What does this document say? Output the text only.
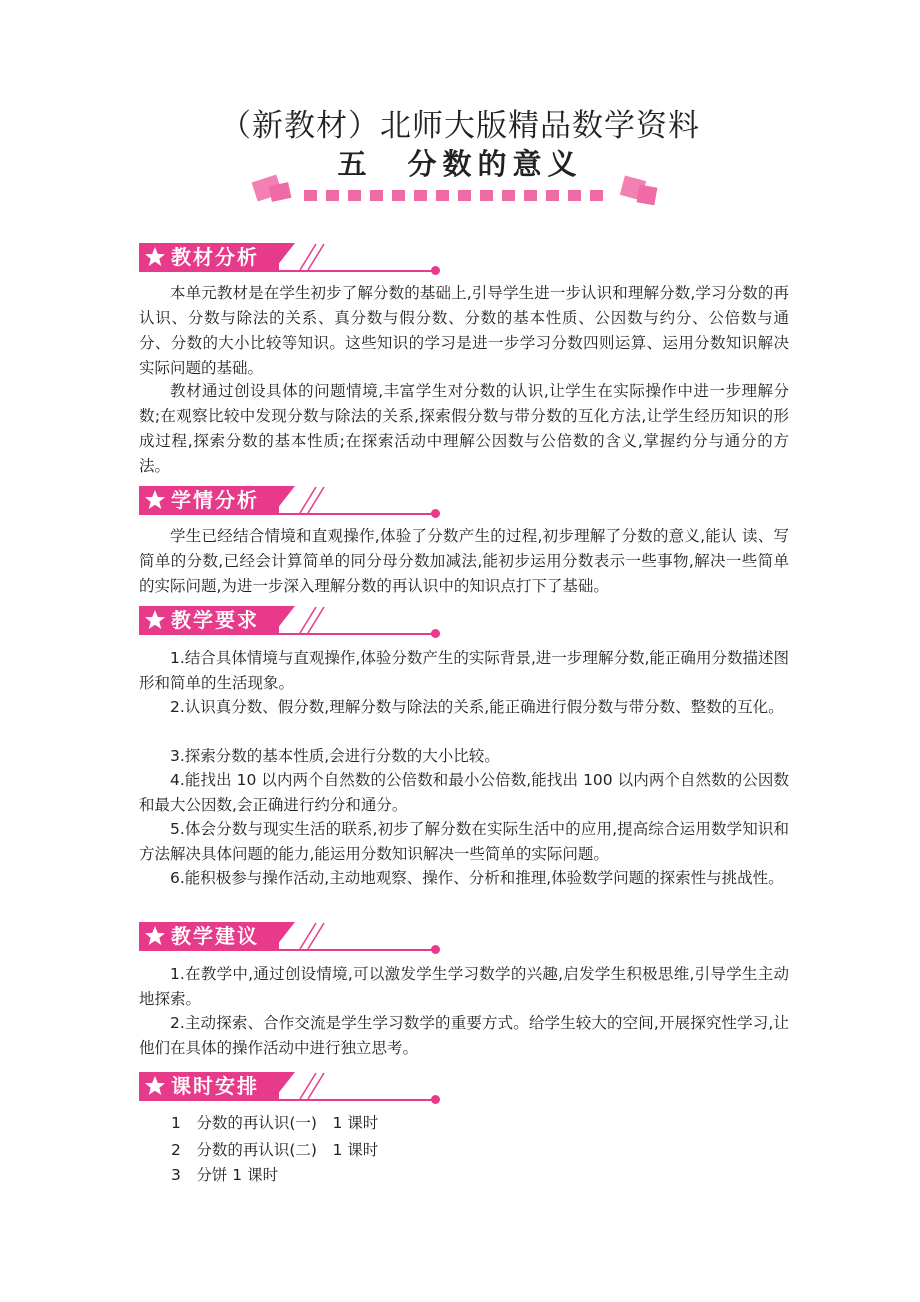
（新教材）北师大版精品数学资料
五　分数的意义
教材分析

本单元教材是在学生初步了解分数的基础上,引导学生进一步认识和理解分数,学习分数的再认识、分数与除法的关系、真分数与假分数、分数的基本性质、公因数与约分、公倍数与通分、分数的大小比较等知识。这些知识的学习是进一步学习分数四则运算、运用分数知识解决实际问题的基础。

教材通过创设具体的问题情境,丰富学生对分数的认识,让学生在实际操作中进一步理解分数;在观察比较中发现分数与除法的关系,探索假分数与带分数的互化方法,让学生经历知识的形成过程,探索分数的基本性质;在探索活动中理解公因数与公倍数的含义,掌握约分与通分的方法。

学情分析

学生已经结合情境和直观操作,体验了分数产生的过程,初步理解了分数的意义,能认 读、写简单的分数,已经会计算简单的同分母分数加减法,能初步运用分数表示一些事物,解决一些简单的实际问题,为进一步深入理解分数的再认识中的知识点打下了基础。

教学要求

1.结合具体情境与直观操作,体验分数产生的实际背景,进一步理解分数,能正确用分数描述图形和简单的生活现象。

2.认识真分数、假分数,理解分数与除法的关系,能正确进行假分数与带分数、整数的互化。

3.探索分数的基本性质,会进行分数的大小比较。

4.能找出 10 以内两个自然数的公倍数和最小公倍数,能找出 100 以内两个自然数的公因数和最大公因数,会正确进行约分和通分。

5.体会分数与现实生活的联系,初步了解分数在实际生活中的应用,提高综合运用数学知识和方法解决具体问题的能力,能运用分数知识解决一些简单的实际问题。

6.能积极参与操作活动,主动地观察、操作、分析和推理,体验数学问题的探索性与挑战性。

教学建议

1.在教学中,通过创设情境,可以激发学生学习数学的兴趣,启发学生积极思维,引导学生主动地探索。

2.主动探索、合作交流是学生学习数学的重要方式。给学生较大的空间,开展探究性学习,让他们在具体的操作活动中进行独立思考。

课时安排
1　分数的再认识(一)　1 课时
2　分数的再认识(二)　1 课时
3　分饼 1 课时
